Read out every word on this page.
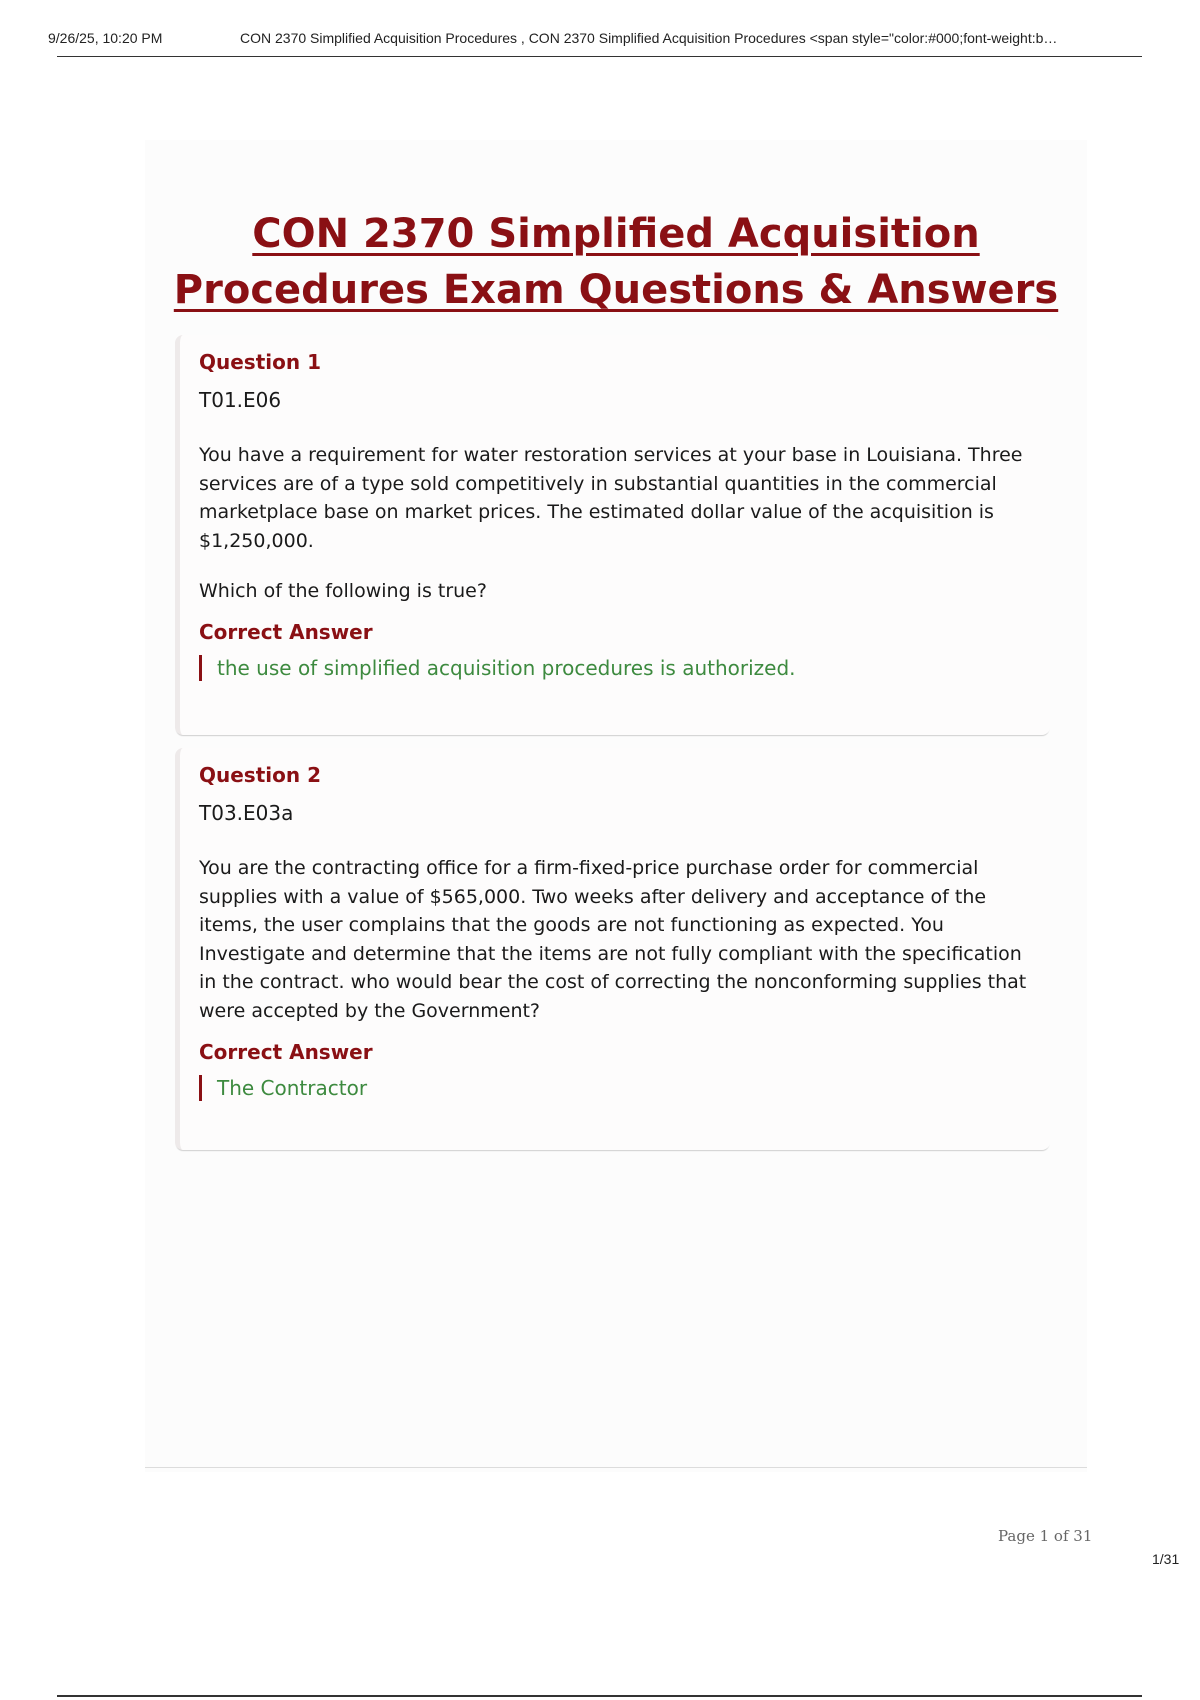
9/26/25, 10:20 PM	CON 2370 Simplified Acquisition Procedures , CON 2370 Simplified Acquisition Procedures <span style="color:#000;font-weight:b…
CON 2370 Simplified Acquisition
Procedures Exam Questions & Answers
Question 1
T01.E06
You have a requirement for water restoration services at your base in Louisiana. Three services are of a type sold competitively in substantial quantities in the commercial marketplace base on market prices. The estimated dollar value of the acquisition is $1,250,000.
Which of the following is true?
Correct Answer
the use of simplified acquisition procedures is authorized.
Question 2
T03.E03a
You are the contracting office for a firm-fixed-price purchase order for commercial supplies with a value of $565,000. Two weeks after delivery and acceptance of the items, the user complains that the goods are not functioning as expected. You Investigate and determine that the items are not fully compliant with the specification in the contract. who would bear the cost of correcting the nonconforming supplies that were accepted by the Government?
Correct Answer
The Contractor
Page 1 of 31
1/31
